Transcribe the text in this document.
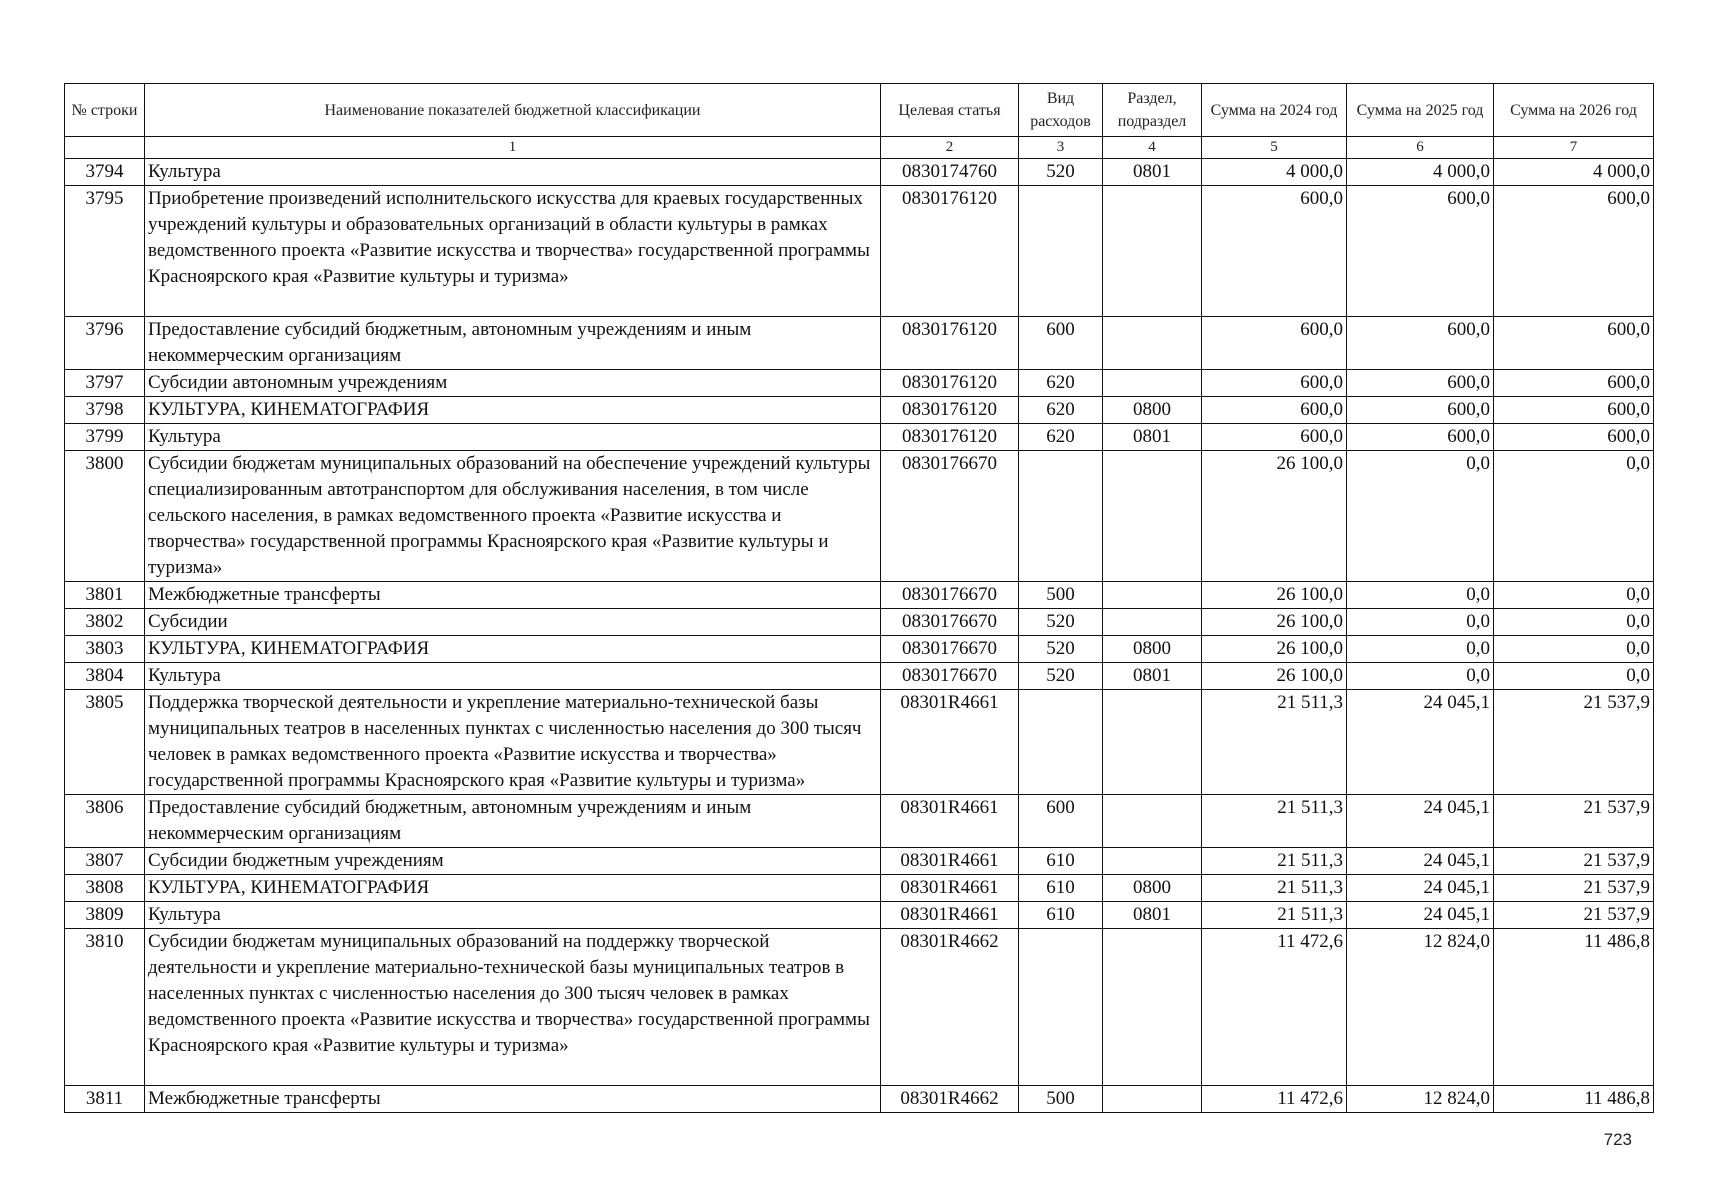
№ строки	Наименование показателей бюджетной классификации	Целевая статья	Вид расходов	Раздел, подраздел	Сумма на 2024 год	Сумма на 2025 год	Сумма на 2026 год
	1	2	3	4	5	6	7
3794	Культура	0830174760	520	0801	4 000,0	4 000,0	4 000,0
3795	Приобретение произведений исполнительского искусства для краевых государственных учреждений культуры и образовательных организаций в области культуры в рамках ведомственного проекта «Развитие искусства и творчества» государственной программы Красноярского края «Развитие культуры и туризма»	0830176120			600,0	600,0	600,0
3796	Предоставление субсидий бюджетным, автономным учреждениям и иным некоммерческим организациям	0830176120	600		600,0	600,0	600,0
3797	Субсидии автономным учреждениям	0830176120	620		600,0	600,0	600,0
3798	КУЛЬТУРА, КИНЕМАТОГРАФИЯ	0830176120	620	0800	600,0	600,0	600,0
3799	Культура	0830176120	620	0801	600,0	600,0	600,0
3800	Субсидии бюджетам муниципальных образований на обеспечение учреждений культуры специализированным автотранспортом для обслуживания населения, в том числе сельского населения, в рамках ведомственного проекта «Развитие искусства и творчества» государственной программы Красноярского края «Развитие культуры и туризма»	0830176670			26 100,0	0,0	0,0
3801	Межбюджетные трансферты	0830176670	500		26 100,0	0,0	0,0
3802	Субсидии	0830176670	520		26 100,0	0,0	0,0
3803	КУЛЬТУРА, КИНЕМАТОГРАФИЯ	0830176670	520	0800	26 100,0	0,0	0,0
3804	Культура	0830176670	520	0801	26 100,0	0,0	0,0
3805	Поддержка творческой деятельности и укрепление материально-технической базы муниципальных театров в населенных пунктах с численностью населения до 300 тысяч человек в рамках ведомственного проекта «Развитие искусства и творчества» государственной программы Красноярского края «Развитие культуры и туризма»	08301R4661			21 511,3	24 045,1	21 537,9
3806	Предоставление субсидий бюджетным, автономным учреждениям и иным некоммерческим организациям	08301R4661	600		21 511,3	24 045,1	21 537,9
3807	Субсидии бюджетным учреждениям	08301R4661	610		21 511,3	24 045,1	21 537,9
3808	КУЛЬТУРА, КИНЕМАТОГРАФИЯ	08301R4661	610	0800	21 511,3	24 045,1	21 537,9
3809	Культура	08301R4661	610	0801	21 511,3	24 045,1	21 537,9
3810	Субсидии бюджетам муниципальных образований на поддержку творческой деятельности и укрепление материально-технической базы муниципальных театров в населенных пунктах с численностью населения до 300 тысяч человек в рамках ведомственного проекта «Развитие искусства и творчества» государственной программы Красноярского края «Развитие культуры и туризма»	08301R4662			11 472,6	12 824,0	11 486,8
3811	Межбюджетные трансферты	08301R4662	500		11 472,6	12 824,0	11 486,8
723
